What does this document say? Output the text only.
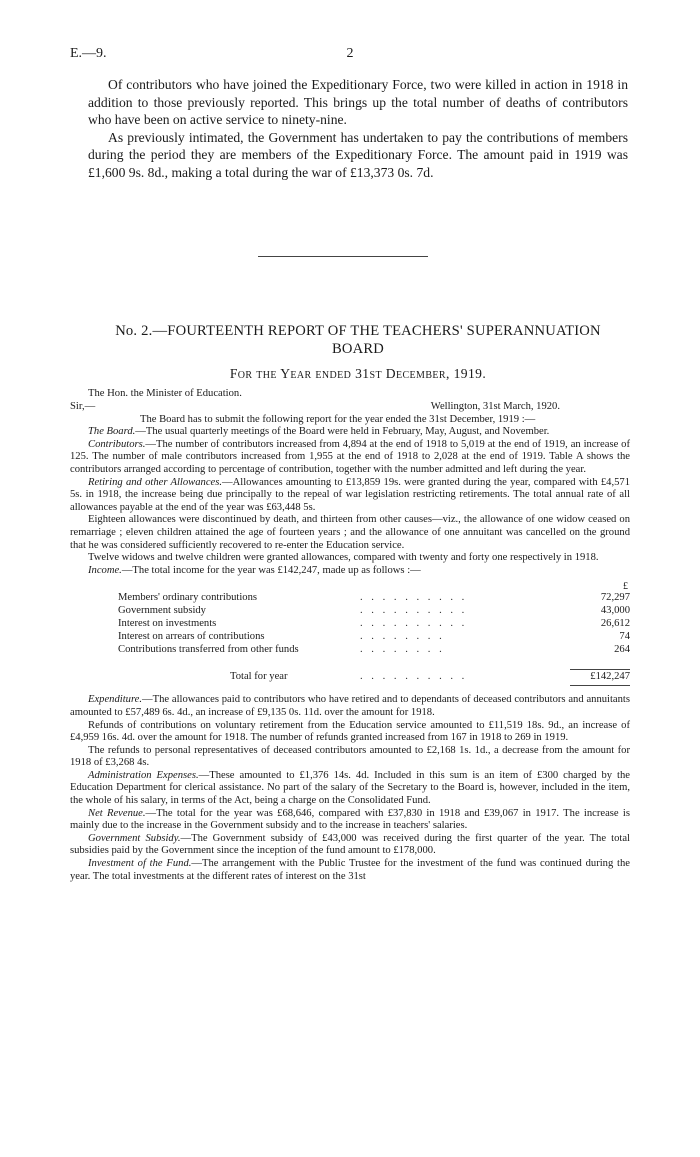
E.—9.	2

Of contributors who have joined the Expeditionary Force, two were killed in action in 1918 in addition to those previously reported. This brings up the total number of deaths of contributors who have been on active service to ninety-nine.

As previously intimated, the Government has undertaken to pay the contributions of members during the period they are members of the Expeditionary Force. The amount paid in 1919 was £1,600 9s. 8d., making a total during the war of £13,373 0s. 7d.

No. 2.—FOURTEENTH REPORT OF THE TEACHERS' SUPERANNUATION BOARD
For the Year ended 31st December, 1919.

The Hon. the Minister of Education.

Sir,—	Wellington, 31st March, 1920.

The Board has to submit the following report for the year ended the 31st December, 1919 :—

The Board.—The usual quarterly meetings of the Board were held in February, May, August, and November.

Contributors.—The number of contributors increased from 4,894 at the end of 1918 to 5,019 at the end of 1919, an increase of 125. The number of male contributors increased from 1,955 at the end of 1918 to 2,028 at the end of 1919. Table A shows the contributors arranged according to percentage of contribution, together with the number admitted and left during the year.

Retiring and other Allowances.—Allowances amounting to £13,859 19s. were granted during the year, compared with £4,571 5s. in 1918, the increase being due principally to the repeal of war legislation restricting retirements. The total annual rate of all allowances payable at the end of the year was £63,448 5s.

Eighteen allowances were discontinued by death, and thirteen from other causes—viz., the allowance of one widow ceased on remarriage ; eleven children attained the age of fourteen years ; and the allowance of one annuitant was cancelled on the ground that he was considered sufficiently recovered to re-enter the Education service.

Twelve widows and twelve children were granted allowances, compared with twenty and forty one respectively in 1918.

Income.—The total income for the year was £142,247, made up as follows :—

£
Members' ordinary contributions	. . . . . . . . . .	72,297
Government subsidy	. . . . . . . . . .	43,000
Interest on investments	. . . . . . . . . .	26,612
Interest on arrears of contributions	. . . . . . . .	74
Contributions transferred from other funds	. . . . . . . .	264
Total for year	. . . . . . . . . .	£142,247

Expenditure.—The allowances paid to contributors who have retired and to dependants of deceased contributors and annuitants amounted to £57,489 6s. 4d., an increase of £9,135 0s. 11d. over the amount for 1918.

Refunds of contributions on voluntary retirement from the Education service amounted to £11,519 18s. 9d., an increase of £4,959 16s. 4d. over the amount for 1918. The number of refunds granted increased from 167 in 1918 to 269 in 1919.

The refunds to personal representatives of deceased contributors amounted to £2,168 1s. 1d., a decrease from the amount for 1918 of £3,268 4s.

Administration Expenses.—These amounted to £1,376 14s. 4d. Included in this sum is an item of £300 charged by the Education Department for clerical assistance. No part of the salary of the Secretary to the Board is, however, included in the item, the whole of his salary, in terms of the Act, being a charge on the Consolidated Fund.

Net Revenue.—The total for the year was £68,646, compared with £37,830 in 1918 and £39,067 in 1917. The increase is mainly due to the increase in the Government subsidy and to the increase in teachers' salaries.

Government Subsidy.—The Government subsidy of £43,000 was received during the first quarter of the year. The total subsidies paid by the Government since the inception of the fund amount to £178,000.

Investment of the Fund.—The arrangement with the Public Trustee for the investment of the fund was continued during the year. The total investments at the different rates of interest on the 31st
